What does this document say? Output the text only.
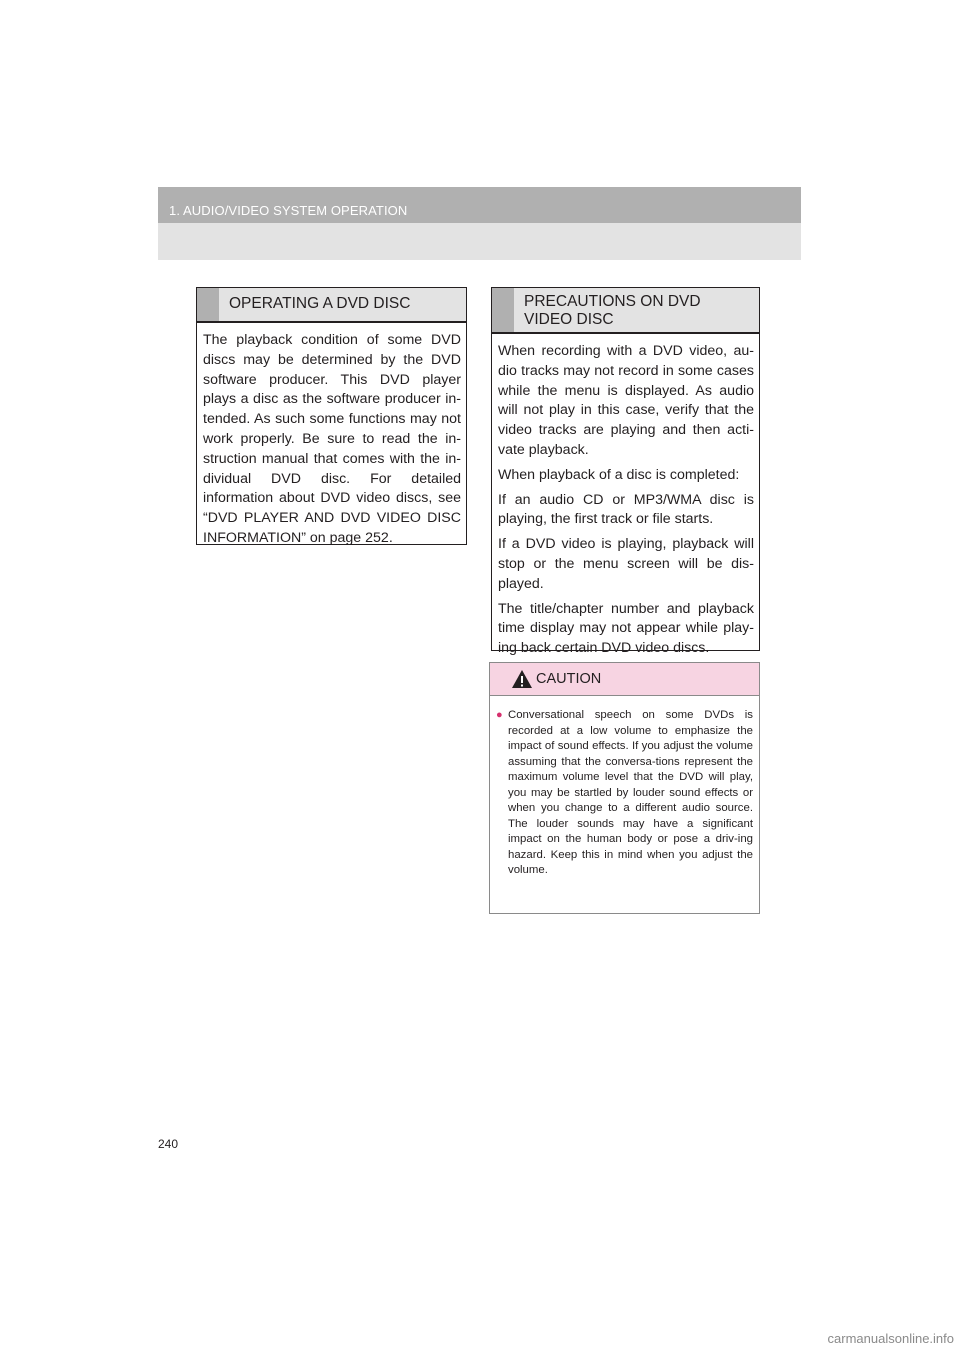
1. AUDIO/VIDEO SYSTEM OPERATION
OPERATING A DVD DISC

The playback condition of some DVD discs may be determined by the DVD software producer. This DVD player plays a disc as the software producer in-tended. As such some functions may not work properly. Be sure to read the in-struction manual that comes with the in-dividual DVD disc. For detailed information about DVD video discs, see “DVD PLAYER AND DVD VIDEO DISC INFORMATION” on page 252.

PRECAUTIONS ON DVD VIDEO DISC

When recording with a DVD video, au-dio tracks may not record in some cases while the menu is displayed. As audio will not play in this case, verify that the video tracks are playing and then acti-vate playback.

When playback of a disc is completed:

If an audio CD or MP3/WMA disc is playing, the first track or file starts.

If a DVD video is playing, playback will stop or the menu screen will be dis-played.

The title/chapter number and playback time display may not appear while play-ing back certain DVD video discs.

CAUTION
● Conversational speech on some DVDs is recorded at a low volume to emphasize the impact of sound effects. If you adjust the volume assuming that the conversa-tions represent the maximum volume level that the DVD will play, you may be startled by louder sound effects or when you change to a different audio source. The louder sounds may have a significant impact on the human body or pose a driv-ing hazard. Keep this in mind when you adjust the volume.
240
carmanualsonline.info
